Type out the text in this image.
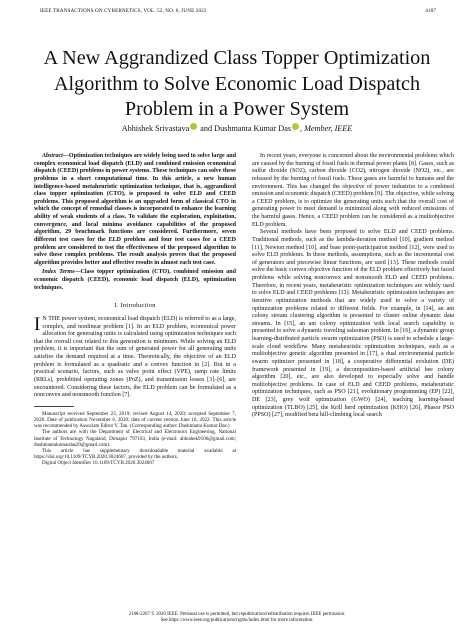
IEEE TRANSACTIONS ON CYBERNETICS, VOL. 52, NO. 6, JUNE 2022	4187
A New Aggrandized Class Topper Optimization Algorithm to Solve Economic Load Dispatch Problem in a Power System
Abhishek Srivastava and Dushmanta Kumar Das , Member, IEEE

Abstract—Optimization techniques are widely being used to solve large and complex economical load dispatch (ELD) and combined emission economical dispatch (CEED) problems in power systems. These techniques can solve these problems in a short computational time. In this article, a new human intelligence-based metaheuristic optimization technique, that is, aggrandized class topper optimization (CTO), is proposed to solve ELD and CEED problems. This proposed algorithm is an upgraded form of classical CTO in which the concept of remedial classes is incorporated to enhance the learning ability of weak students of a class. To validate the exploration, exploitation, convergence, and local minima avoidance capabilities of the proposed algorithm, 29 benchmark functions are considered. Furthermore, seven different test cases for the ELD problem and four test cases for a CEED problem are considered to test the effectiveness of the proposed algorithm to solve these complex problems. The result analysis proves that the proposed algorithm provides better and effective results in almost each test case.

Index Terms—Class topper optimization (CTO), combined emission and economic dispatch (CEED), economic load dispatch (ELD), optimization techniques.

I. Introduction

I N THE power system, economical load dispatch (ELD) is referred to as a large, complex, and nonlinear problem [1]. In an ELD problem, economical power allocation for generating units is calculated using optimization techniques such that the overall cost related to this generation is minimum. While solving an ELD problem, it is important that the sum of generated power for all generating units satisfies the demand required at a time. Theoretically, the objective of an ELD problem is formulated as a quadratic and a convex function in [2]. But in a practical scenario, factors, such as valve point effect (VPE), ramp rate limits (RRLs), prohibited operating zones (PoZ), and transmission losses [3]–[6], are encountered. Considering these factors, the ELD problem can be formulated as a nonconvex and nonsmooth function [7].

Manuscript received September 23, 2019; revised August 14, 2020; accepted September 7, 2020. Date of publication November 6, 2020; date of current version June 16, 2022. This article was recommended by Associate Editor Y. Tan. (Corresponding author: Dushmanta Kumar Das.)

The authors are with the Department of Electrical and Electronics Engineering, National Institute of Technology Nagaland, Dimapur 797103, India (e-mail: abhishek9106@gmail.com; dushmantakumardas29@gmail.com).

This article has supplementary downloadable material available at https://doi.org/10.1109/TCYB.2020.3024607, provided by the authors.

Digital Object Identifier 10.1109/TCYB.2020.3024607

In recent years, everyone is concerned about the environmental problems which are caused by the burning of fossil fuels in thermal power plants [8]. Gases, such as sulfur dioxide (SO2), carbon dioxide (CO2), nitrogen dioxide (NO2), etc., are released by the burning of fossil fuels. These gases are harmful to humans and the environment. This has changed the objective of power industries to a combined emission and economic dispatch (CEED) problem [9]. The objective, while solving a CEED problem, is to optimize the generating units such that the overall cost of generating power to meet demand is minimized along with reduced emissions of the harmful gases. Hence, a CEED problem can be considered as a multiobjective ELD problem.

Several methods have been proposed to solve ELD and CEED problems. Traditional methods, such as the lambda-iteration method [10], gradient method [11], Newton method [10], and base point-participation method [12], were used to solve ELD problems. In these methods, assumptions, such as the incremental cost of generators and piecewise linear functions, are used [13]. These methods could solve the basic convex objective function of the ELD problem effectively but faced problems while solving nonconvex and nonsmooth ELD and CEED problems. Therefore, in recent years, metaheuristic optimization techniques are widely used to solve ELD and CEED problems [13]. Metaheuristic optimization techniques are iterative optimization methods that are widely used to solve a variety of optimization problems related to different fields. For example, in [14], an ant colony stream clustering algorithm is presented to cluster online dynamic data streams. In [15], an ant colony optimization with local search capability is presented to solve a dynamic traveling salesman problem. In [16], a dynamic group learning-distributed particle swarm optimization (PSO) is used to schedule a large-scale cloud workflow. Many metaheuristic optimization techniques, such as a multiobjective genetic algorithm presented in [17], a dual environmental particle swarm optimizer presented in [18], a cooperative differential evolution (DE) framework presented in [19], a decomposition-based artificial bee colony algorithm [20], etc., are also developed to especially solve and handle multiobjective problems. In case of ELD and CEED problems, metaheuristic optimization techniques, such as PSO [21], evolutionary programming (EP) [22], DE [23], grey wolf optimization (GWO) [24], teaching learning-based optimization (TLBO) [25], the Krill herd optimization (KHO) [26], Phasor PSO (PPSO) [27], modified beta hill-climbing local search

2168-2267 © 2020 IEEE. Personal use is permitted, but republication/redistribution requires IEEE permission.
See https://www.ieee.org/publications/rights/index.html for more information.
